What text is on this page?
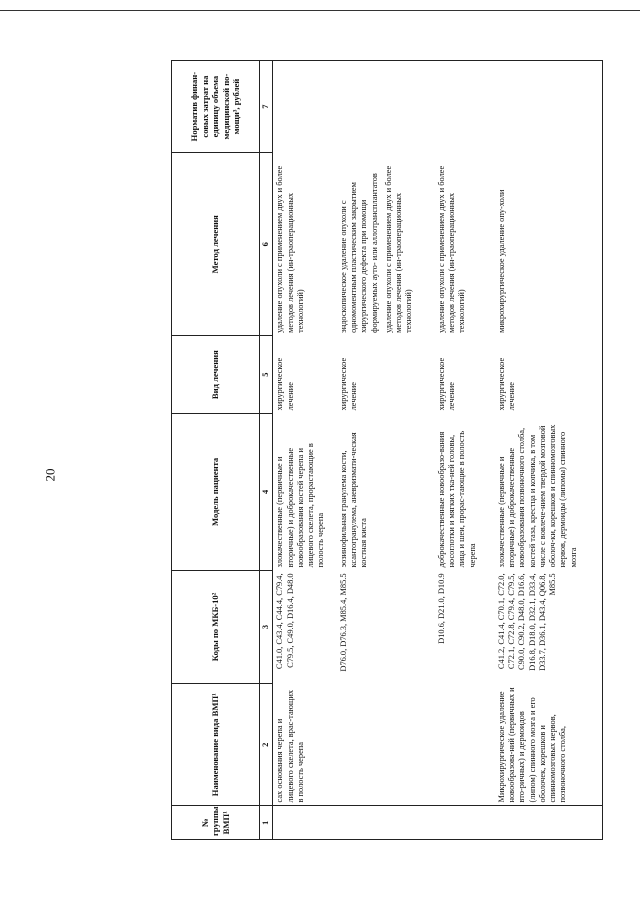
20
№ группы ВМП¹	Наименование вида ВМП¹	Коды по МКБ-10²	Модель пациента	Вид лечения	Метод лечения	Норматив финан-совых затрат на единицу объема медицинской по-мощи³, рублей
1	2	3	4	5	6	7
	сах основания черепа и лицевого скелета, врас-тающих в полость черепа	C41.0, C43.4, C44.4, C79.4, C79.5, C49.0, D16.4, D48.0	злокачественные (первичные и вторичные) и доброкачественные новообразования костей черепа и лицевого скелета, прорастающие в полость черепа	хирургическое лечение	удаление опухоли с применением двух и более методов лечения (ин-траоперационных технологий)	
		D76.0, D76.3, M85.4, M85.5	эозинофильная гранулема кости, ксантогранулема, аневризмати-ческая костная киста	хирургическое лечение	эндоскопическое удаление опухоли с одномоментным пластическим закрытием хирургического дефекта при помощи формируемых ауто- или аллотрансплантатов удаление опухоли с применением двух и более методов лечения (ин-траоперационных технологий)	

		D10.6, D21.0, D10.9	доброкачественные новообразо-вания носоглотки и мягких тка-ней головы, лица и шеи, прорас-тающие в полость черепа	хирургическое лечение	удаление опухоли с применением двух и более методов лечения (ин-траоперационных технологий)	
	Микрохирургическое удаление новообразова-ний (первичных и вто-ричных) и дермоидов (липом) спинного мозга и его оболочек, корешков и спинномозговых нервов, позвоночного столба,	C41.2, C41.4, C70.1, C72.0, C72.1, C72.8, C79.4, C79.5, C90.0, C90.2, D48.0, D16.6, D16.8, D18.0, D32.1, D33.4, D33.7, D36.1, D43.4, Q06.8, M85.5	злокачественные (первичные и вторичные) и доброкачественные новообразования позвоночного столба, костей таза, крестца и копчика, в том числе с вовлече-нием твердой мозговой оболоч-ки, корешков и спинномозговых нервов, дермоиды (липомы) спинного мозга	хирургическое лечение	микрохирургическое удаление опу-холи	
